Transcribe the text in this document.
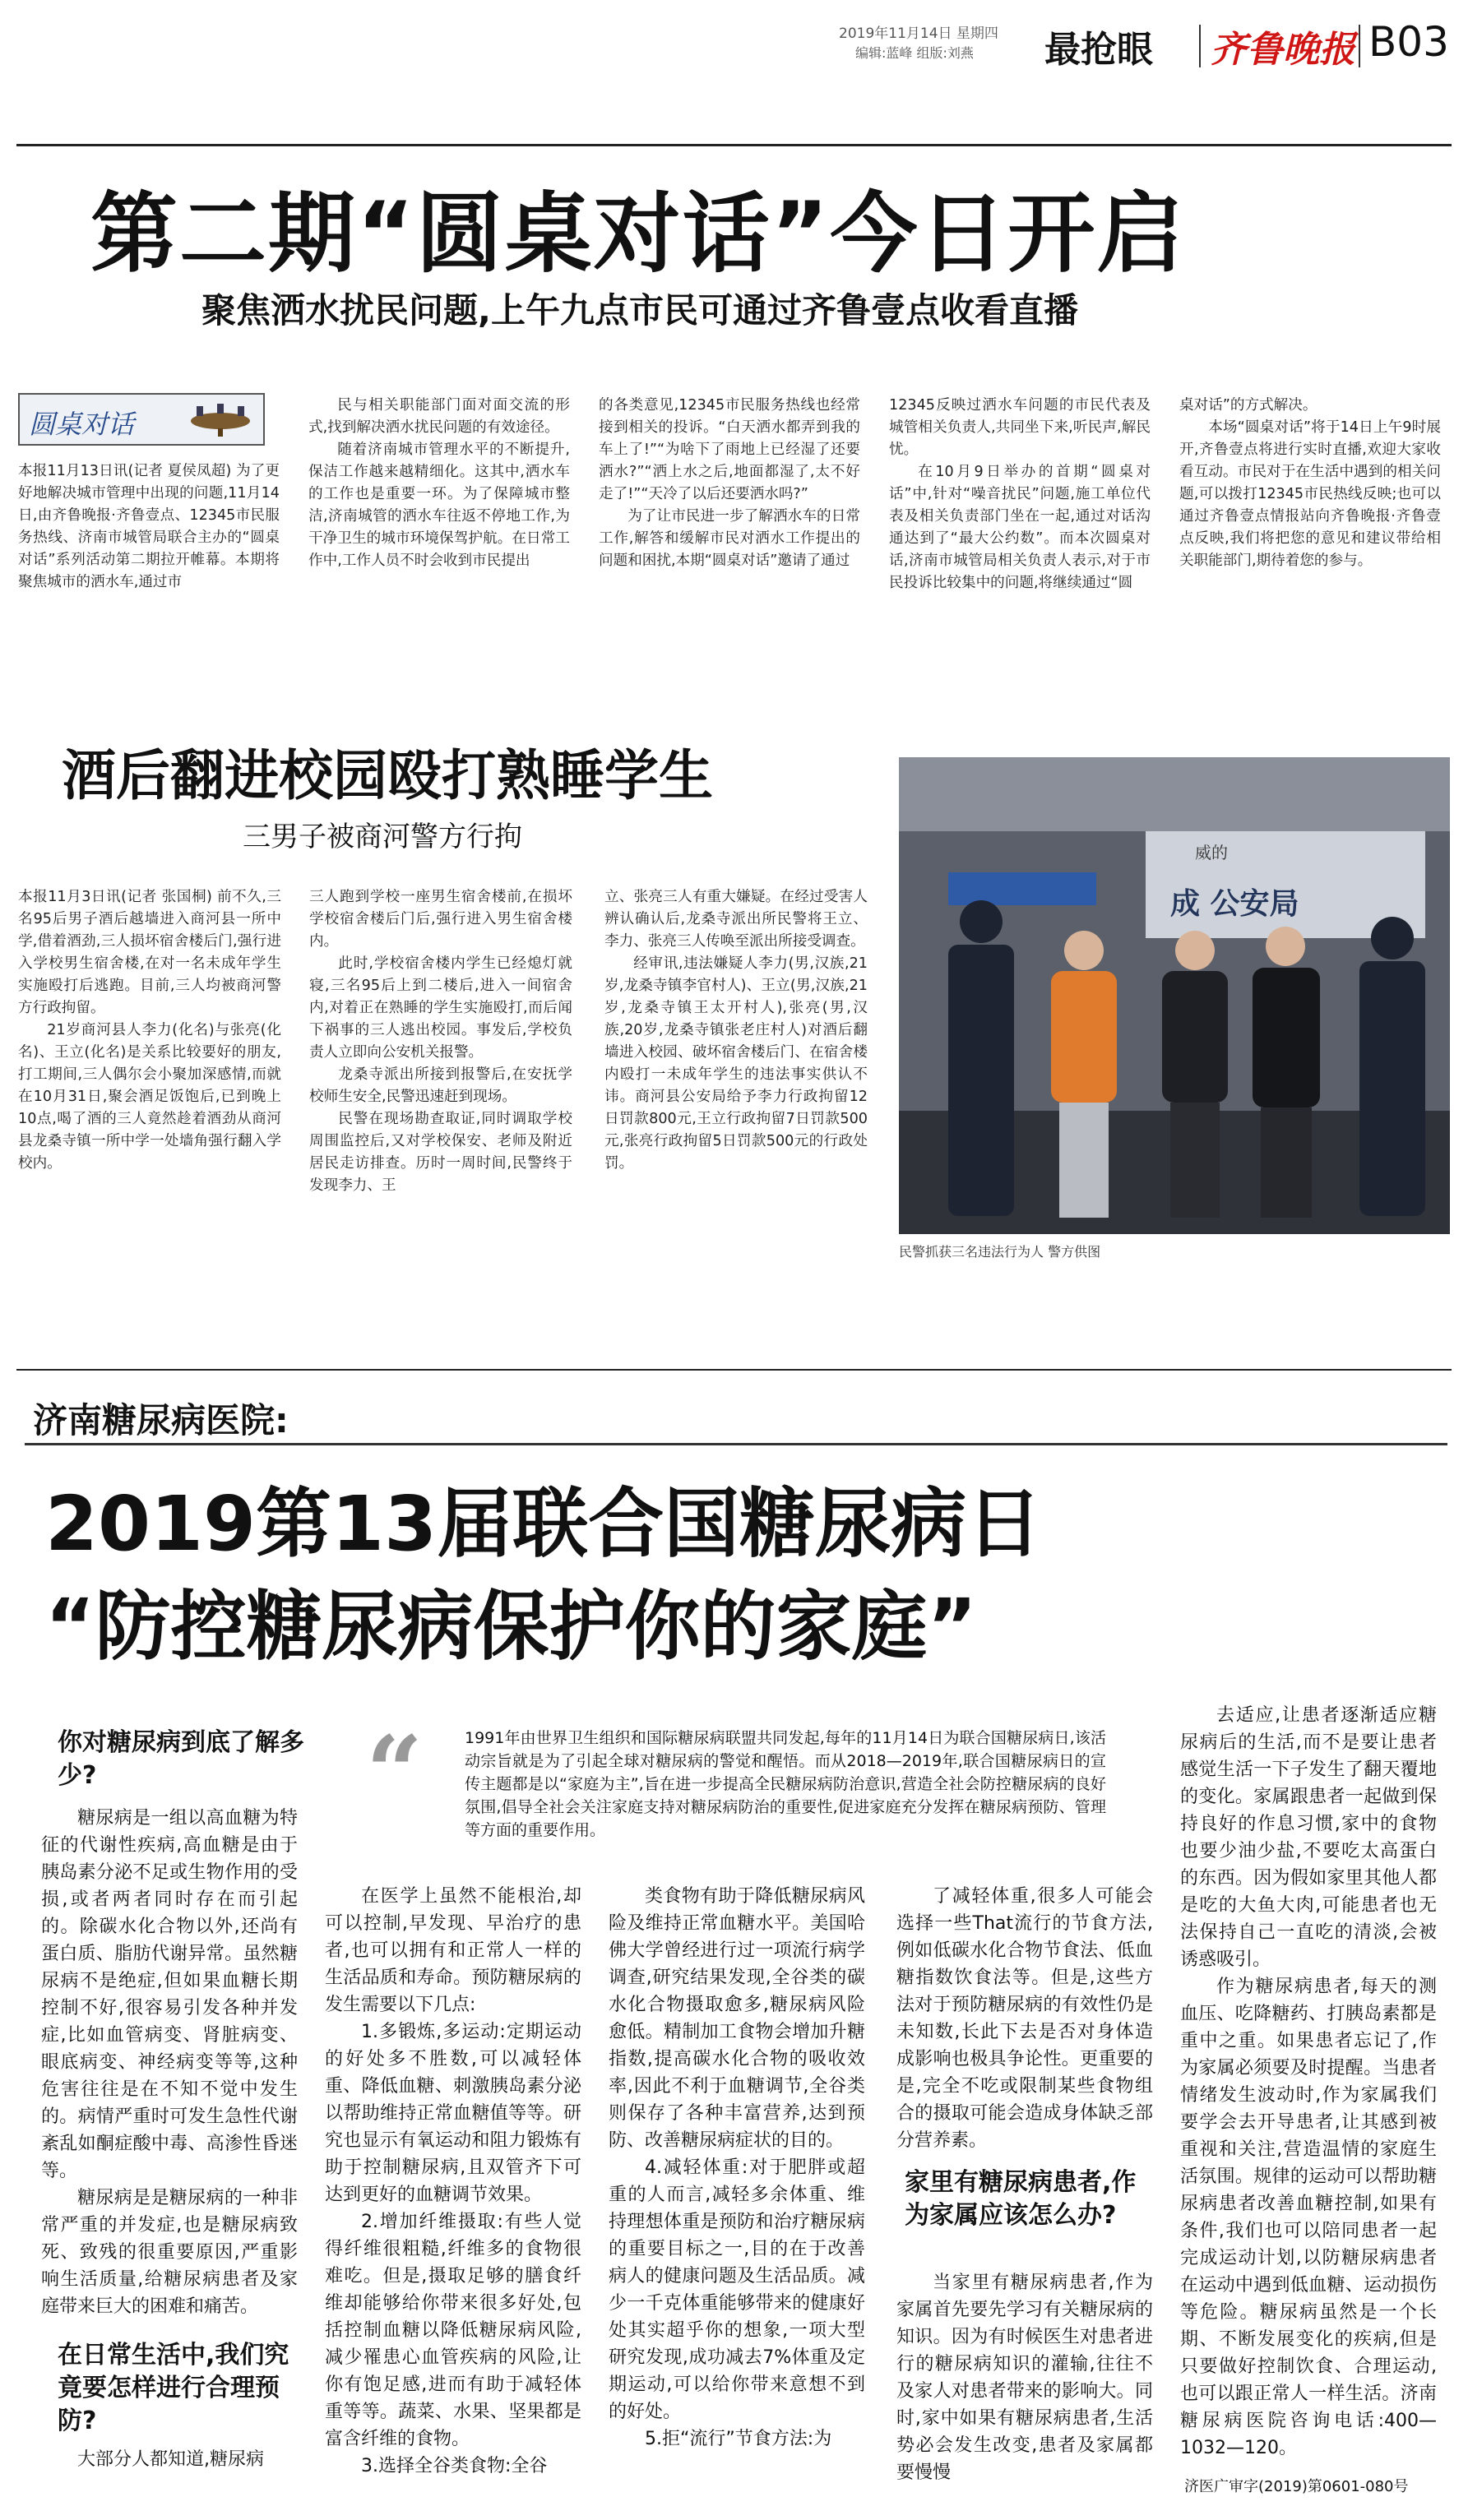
2019年11月14日 星期四
编辑:蓝峰 组版:刘燕 最抢眼 齐鲁晚报 B03
第二期“圆桌对话”今日开启
聚焦洒水扰民问题,上午九点市民可通过齐鲁壹点收看直播
圆桌对话

本报11月13日讯(记者 夏侯凤超) 为了更好地解决城市管理中出现的问题,11月14日,由齐鲁晚报·齐鲁壹点、12345市民服务热线、济南市城管局联合主办的“圆桌对话”系列活动第二期拉开帷幕。本期将聚焦城市的洒水车,通过市

民与相关职能部门面对面交流的形式,找到解决洒水扰民问题的有效途径。

随着济南城市管理水平的不断提升,保洁工作越来越精细化。这其中,洒水车的工作也是重要一环。为了保障城市整洁,济南城管的洒水车往返不停地工作,为干净卫生的城市环境保驾护航。在日常工作中,工作人员不时会收到市民提出

的各类意见,12345市民服务热线也经常接到相关的投诉。“白天洒水都弄到我的车上了!”“为啥下了雨地上已经湿了还要洒水?”“洒上水之后,地面都湿了,太不好走了!”“天冷了以后还要洒水吗?”

为了让市民进一步了解洒水车的日常工作,解答和缓解市民对洒水工作提出的问题和困扰,本期“圆桌对话”邀请了通过

12345反映过洒水车问题的市民代表及城管相关负责人,共同坐下来,听民声,解民忧。

在10月9日举办的首期“圆桌对话”中,针对“噪音扰民”问题,施工单位代表及相关负责部门坐在一起,通过对话沟通达到了“最大公约数”。而本次圆桌对话,济南市城管局相关负责人表示,对于市民投诉比较集中的问题,将继续通过“圆

桌对话”的方式解决。

本场“圆桌对话”将于14日上午9时展开,齐鲁壹点将进行实时直播,欢迎大家收看互动。市民对于在生活中遇到的相关问题,可以拨打12345市民热线反映;也可以通过齐鲁壹点情报站向齐鲁晚报·齐鲁壹点反映,我们将把您的意见和建议带给相关职能部门,期待着您的参与。

酒后翻进校园殴打熟睡学生
三男子被商河警方行拘

本报11月3日讯(记者 张国桐) 前不久,三名95后男子酒后越墙进入商河县一所中学,借着酒劲,三人损坏宿舍楼后门,强行进入学校男生宿舍楼,在对一名未成年学生实施殴打后逃跑。目前,三人均被商河警方行政拘留。

21岁商河县人李力(化名)与张亮(化名)、王立(化名)是关系比较要好的朋友,打工期间,三人偶尔会小聚加深感情,而就在10月31日,聚会酒足饭饱后,已到晚上10点,喝了酒的三人竟然趁着酒劲从商河县龙桑寺镇一所中学一处墙角强行翻入学校内。

三人跑到学校一座男生宿舍楼前,在损坏学校宿舍楼后门后,强行进入男生宿舍楼内。

此时,学校宿舍楼内学生已经熄灯就寝,三名95后上到二楼后,进入一间宿舍内,对着正在熟睡的学生实施殴打,而后闻下祸事的三人逃出校园。事发后,学校负责人立即向公安机关报警。

龙桑寺派出所接到报警后,在安抚学校师生安全,民警迅速赶到现场。

民警在现场勘查取证,同时调取学校周围监控后,又对学校保安、老师及附近居民走访排查。历时一周时间,民警终于发现李力、王

立、张亮三人有重大嫌疑。在经过受害人辨认确认后,龙桑寺派出所民警将王立、李力、张亮三人传唤至派出所接受调查。

经审讯,违法嫌疑人李力(男,汉族,21岁,龙桑寺镇李官村人)、王立(男,汉族,21岁,龙桑寺镇王太开村人),张亮(男,汉族,20岁,龙桑寺镇张老庄村人)对酒后翻墙进入校园、破坏宿舍楼后门、在宿舍楼内殴打一未成年学生的违法事实供认不讳。商河县公安局给予李力行政拘留12日罚款800元,王立行政拘留7日罚款500元,张亮行政拘留5日罚款500元的行政处罚。

成 公安局
威的
民警抓获三名违法行为人 警方供图
济南糖尿病医院:
2019第13届联合国糖尿病日
“防控糖尿病保护你的家庭”
“	1991年由世界卫生组织和国际糖尿病联盟共同发起,每年的11月14日为联合国糖尿病日,该活动宗旨就是为了引起全球对糖尿病的警觉和醒悟。而从2018—2019年,联合国糖尿病日的宣传主题都是以“家庭为主”,旨在进一步提高全民糖尿病防治意识,营造全社会防控糖尿病的良好氛围,倡导全社会关注家庭支持对糖尿病防治的重要性,促进家庭充分发挥在糖尿病预防、管理等方面的重要作用。
你对糖尿病到底了解多少?

糖尿病是一组以高血糖为特征的代谢性疾病,高血糖是由于胰岛素分泌不足或生物作用的受损,或者两者同时存在而引起的。除碳水化合物以外,还尚有蛋白质、脂肪代谢异常。虽然糖尿病不是绝症,但如果血糖长期控制不好,很容易引发各种并发症,比如血管病变、肾脏病变、眼底病变、神经病变等等,这种危害往往是在不知不觉中发生的。病情严重时可发生急性代谢紊乱如酮症酸中毒、高渗性昏迷等。

糖尿病是是糖尿病的一种非常严重的并发症,也是糖尿病致死、致残的很重要原因,严重影响生活质量,给糖尿病患者及家庭带来巨大的困难和痛苦。

在日常生活中,我们究竟要怎样进行合理预防?

大部分人都知道,糖尿病

在医学上虽然不能根治,却可以控制,早发现、早治疗的患者,也可以拥有和正常人一样的生活品质和寿命。预防糖尿病的发生需要以下几点:

1.多锻炼,多运动:定期运动的好处多不胜数,可以减轻体重、降低血糖、刺激胰岛素分泌以帮助维持正常血糖值等等。研究也显示有氧运动和阻力锻炼有助于控制糖尿病,且双管齐下可达到更好的血糖调节效果。

2.增加纤维摄取:有些人觉得纤维很粗糙,纤维多的食物很难吃。但是,摄取足够的膳食纤维却能够给你带来很多好处,包括控制血糖以降低糖尿病风险,减少罹患心血管疾病的风险,让你有饱足感,进而有助于减轻体重等等。蔬菜、水果、坚果都是富含纤维的食物。

3.选择全谷类食物:全谷

类食物有助于降低糖尿病风险及维持正常血糖水平。美国哈佛大学曾经进行过一项流行病学调查,研究结果发现,全谷类的碳水化合物摄取愈多,糖尿病风险愈低。精制加工食物会增加升糖指数,提高碳水化合物的吸收效率,因此不利于血糖调节,全谷类则保存了各种丰富营养,达到预防、改善糖尿病症状的目的。

4.减轻体重:对于肥胖或超重的人而言,减轻多余体重、维持理想体重是预防和治疗糖尿病的重要目标之一,目的在于改善病人的健康问题及生活品质。减少一千克体重能够带来的健康好处其实超乎你的想象,一项大型研究发现,成功减去7%体重及定期运动,可以给你带来意想不到的好处。

5.拒“流行”节食方法:为

了减轻体重,很多人可能会选择一些That流行的节食方法,例如低碳水化合物节食法、低血糖指数饮食法等。但是,这些方法对于预防糖尿病的有效性仍是未知数,长此下去是否对身体造成影响也极具争论性。更重要的是,完全不吃或限制某些食物组合的摄取可能会造成身体缺乏部分营养素。

家里有糖尿病患者,作为家属应该怎么办?

当家里有糖尿病患者,作为家属首先要先学习有关糖尿病的知识。因为有时候医生对患者进行的糖尿病知识的灌输,往往不及家人对患者带来的影响大。同时,家中如果有糖尿病患者,生活势必会发生改变,患者及家属都要慢慢

去适应,让患者逐渐适应糖尿病后的生活,而不是要让患者感觉生活一下子发生了翻天覆地的变化。家属跟患者一起做到保持良好的作息习惯,家中的食物也要少油少盐,不要吃太高蛋白的东西。因为假如家里其他人都是吃的大鱼大肉,可能患者也无法保持自己一直吃的清淡,会被诱惑吸引。

作为糖尿病患者,每天的测血压、吃降糖药、打胰岛素都是重中之重。如果患者忘记了,作为家属必须要及时提醒。当患者情绪发生波动时,作为家属我们要学会去开导患者,让其感到被重视和关注,营造温情的家庭生活氛围。规律的运动可以帮助糖尿病患者改善血糖控制,如果有条件,我们也可以陪同患者一起完成运动计划,以防糖尿病患者在运动中遇到低血糖、运动损伤等危险。糖尿病虽然是一个长期、不断发展变化的疾病,但是只要做好控制饮食、合理运动,也可以跟正常人一样生活。济南糖尿病医院咨询电话:400—1032—120。

济医广审字(2019)第0601-080号
